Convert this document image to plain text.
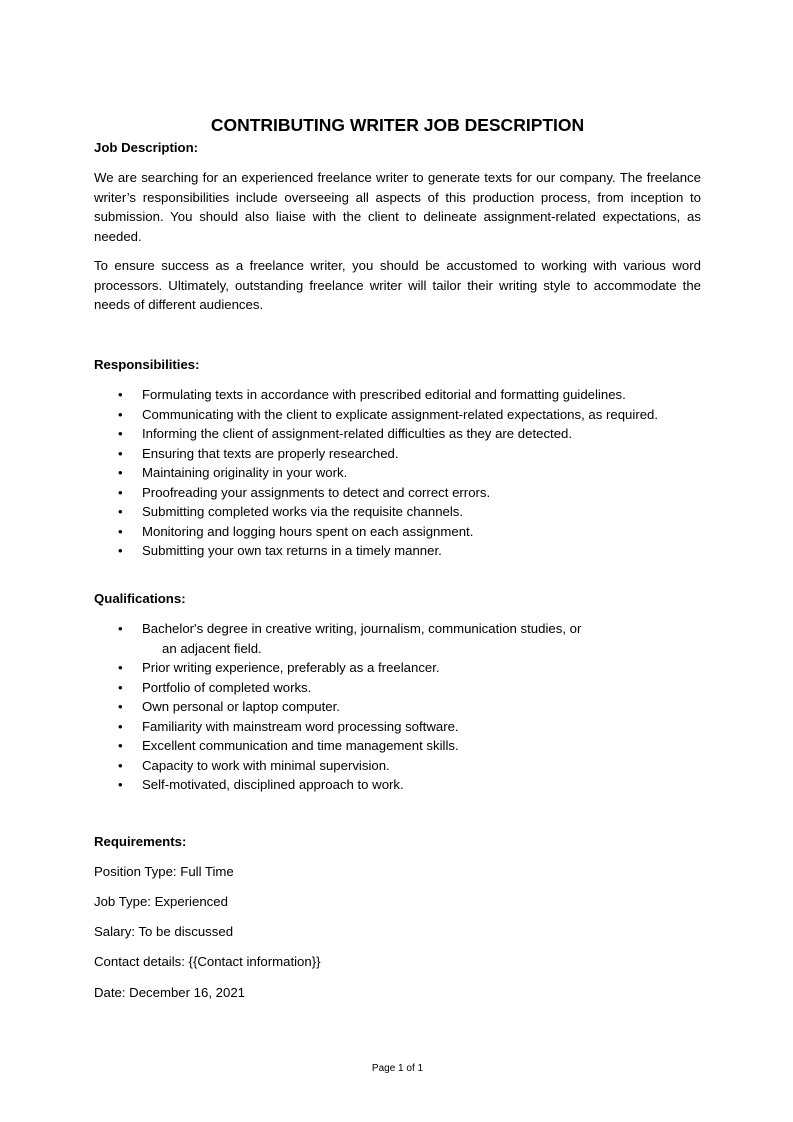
CONTRIBUTING WRITER JOB DESCRIPTION

Job Description:

We are searching for an experienced freelance writer to generate texts for our company. The freelance writer’s responsibilities include overseeing all aspects of this production process, from inception to submission. You should also liaise with the client to delineate assignment-related expectations, as needed.

To ensure success as a freelance writer, you should be accustomed to working with various word processors. Ultimately, outstanding freelance writer will tailor their writing style to accommodate the needs of different audiences.

Responsibilities:

• Formulating texts in accordance with prescribed editorial and formatting guidelines.
• Communicating with the client to explicate assignment-related expectations, as required.
• Informing the client of assignment-related difficulties as they are detected.
• Ensuring that texts are properly researched.
• Maintaining originality in your work.
• Proofreading your assignments to detect and correct errors.
• Submitting completed works via the requisite channels.
• Monitoring and logging hours spent on each assignment.
• Submitting your own tax returns in a timely manner.

Qualifications:

• Bachelor's degree in creative writing, journalism, communication studies, or
an adjacent field.
• Prior writing experience, preferably as a freelancer.
• Portfolio of completed works.
• Own personal or laptop computer.
• Familiarity with mainstream word processing software.
• Excellent communication and time management skills.
• Capacity to work with minimal supervision.
• Self-motivated, disciplined approach to work.

Requirements:

Position Type: Full Time

Job Type: Experienced

Salary: To be discussed

Contact details: {{Contact information}}

Date: December 16, 2021

Page 1 of 1
